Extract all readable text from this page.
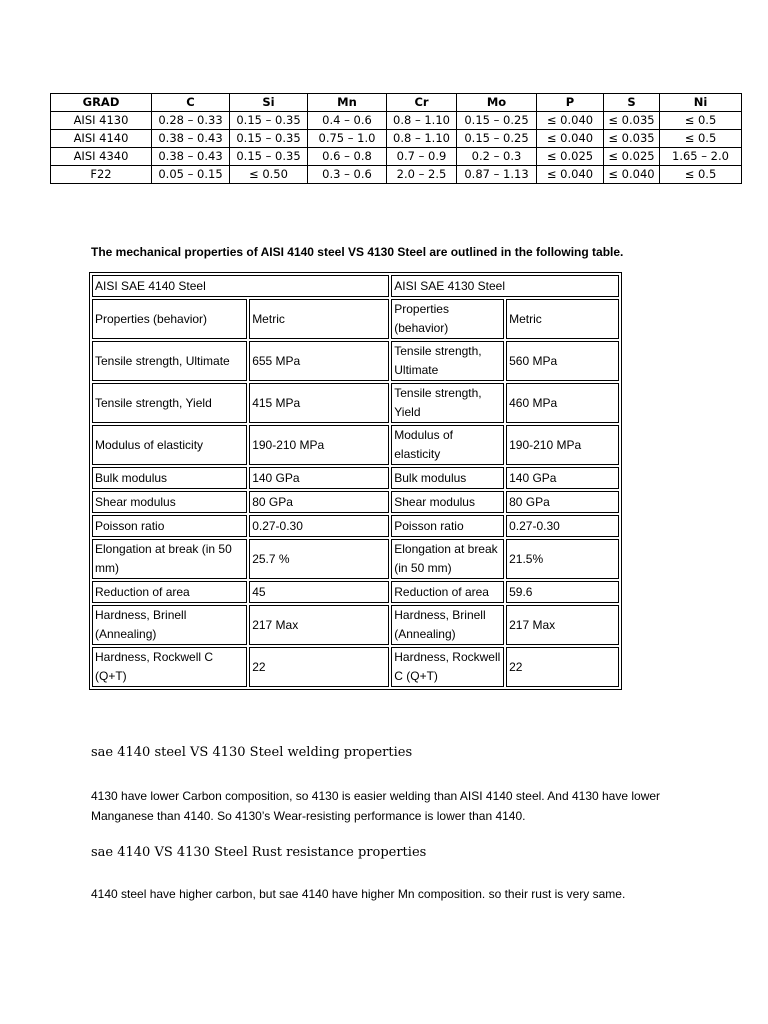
GRAD	C	Si	Mn	Cr	Mo	P	S	Ni
AISI 4130	0.28 – 0.33	0.15 – 0.35	0.4 – 0.6	0.8 – 1.10	0.15 – 0.25	≤ 0.040	≤ 0.035	≤ 0.5
AISI 4140	0.38 – 0.43	0.15 – 0.35	0.75 – 1.0	0.8 – 1.10	0.15 – 0.25	≤ 0.040	≤ 0.035	≤ 0.5
AISI 4340	0.38 – 0.43	0.15 – 0.35	0.6 – 0.8	0.7 – 0.9	0.2 – 0.3	≤ 0.025	≤ 0.025	1.65 – 2.0
F22	0.05 – 0.15	≤ 0.50	0.3 – 0.6	2.0 – 2.5	0.87 – 1.13	≤ 0.040	≤ 0.040	≤ 0.5
The mechanical properties of AISI 4140 steel VS 4130 Steel are outlined in the following table.
AISI SAE 4140 Steel		AISI SAE 4130 Steel	
Properties (behavior)	Metric	Properties (behavior)	Metric
Tensile strength, Ultimate	655 MPa	Tensile strength, Ultimate	560 MPa
Tensile strength, Yield	415 MPa	Tensile strength, Yield	460 MPa
Modulus of elasticity	190-210 MPa	Modulus of elasticity	190-210 MPa
Bulk modulus	140 GPa	Bulk modulus	140 GPa
Shear modulus	80 GPa	Shear modulus	80 GPa
Poisson ratio	0.27-0.30	Poisson ratio	0.27-0.30
Elongation at break (in 50 mm)	25.7 %	Elongation at break (in 50 mm)	21.5%
Reduction of area	45	Reduction of area	59.6
Hardness, Brinell (Annealing)	217 Max	Hardness, Brinell (Annealing)	217 Max
Hardness, Rockwell C (Q+T)	22	Hardness, Rockwell C (Q+T)	22
sae 4140 steel VS 4130 Steel welding properties
4130 have lower Carbon composition, so 4130 is easier welding than AISI 4140 steel. And 4130 have lower Manganese than 4140. So 4130’s Wear-resisting performance is lower than 4140.
sae 4140 VS 4130 Steel Rust resistance properties
4140 steel have higher carbon, but sae 4140 have higher Mn composition. so their rust is very same.
